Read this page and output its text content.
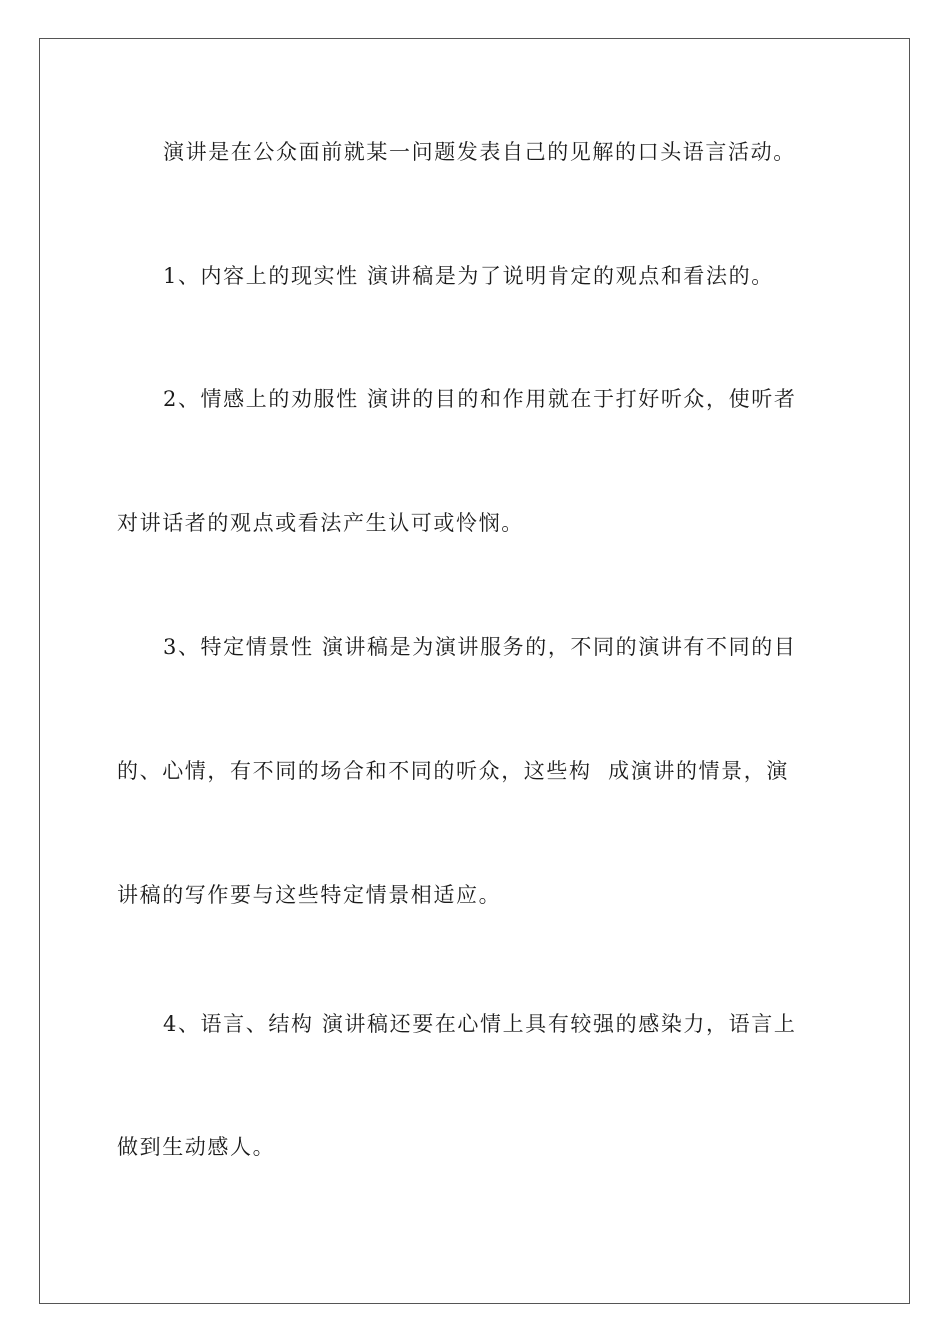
演讲是在公众面前就某一问题发表自己的见解的口头语言活动。
1、内容上的现实性 演讲稿是为了说明肯定的观点和看法的。
2、情感上的劝服性 演讲的目的和作用就在于打好听众，使听者
对讲话者的观点或看法产生认可或怜悯。
3、特定情景性 演讲稿是为演讲服务的，不同的演讲有不同的目
的、心情，有不同的场合和不同的听众，这些构  成演讲的情景，演
讲稿的写作要与这些特定情景相适应。
4、语言、结构 演讲稿还要在心情上具有较强的感染力，语言上
做到生动感人。
